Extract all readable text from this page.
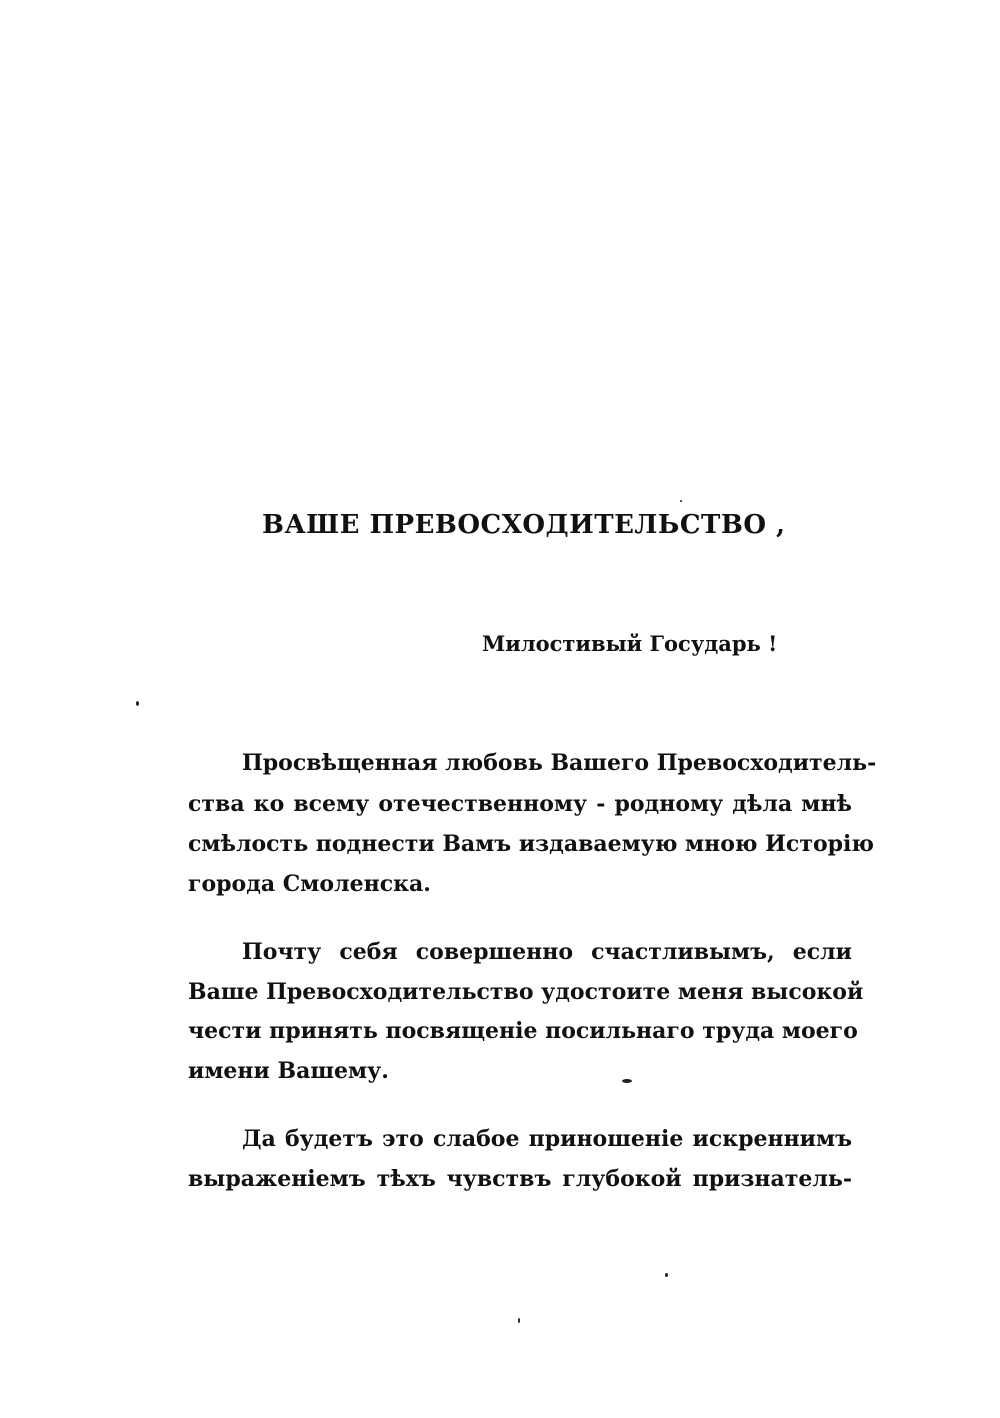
ВАШЕ ПРЕВОСХОДИТЕЛЬСТВО ,
Милостивый Государь !
Просвѣщенная любовь Вашего Превосходитель-
ства ко всему отечественному - родному дѣла мнѣ
смѣлость поднести Вамъ издаваемую мною Исторію
города Смоленска.
Почту себя совершенно счастливымъ, если
Ваше Превосходительство удостоите меня высокой
чести принять посвященіе посильнаго труда моего
имени Вашему.
Да будетъ это слабое приношеніе искреннимъ
выраженіемъ тѣхъ чувствъ глубокой признатель-
